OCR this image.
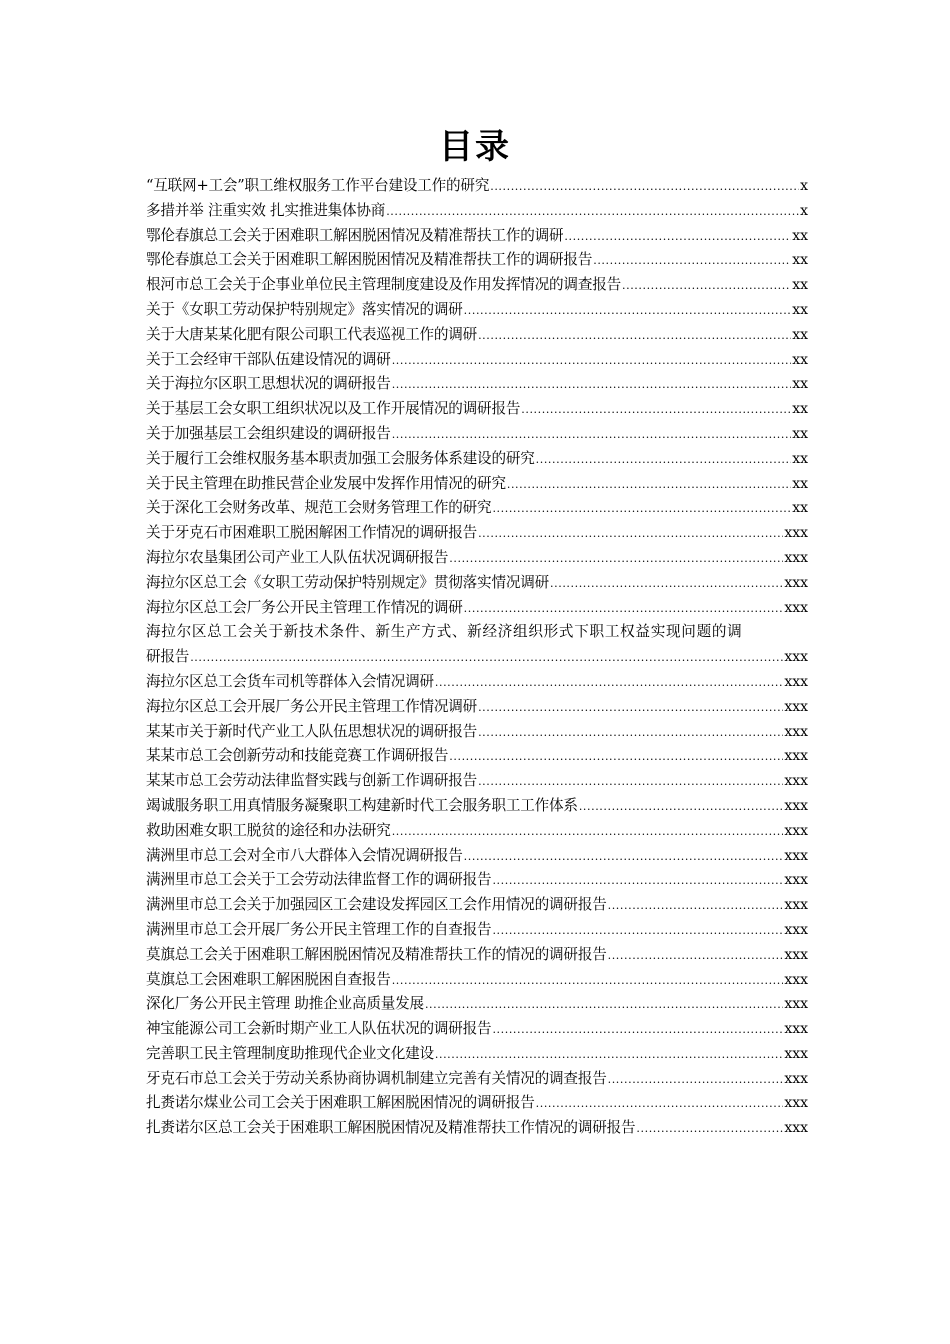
目录
“互联网+工会”职工维权服务工作平台建设工作的研究 .....	x
多措并举 注重实效 扎实推进集体协商 .....	x
鄂伦春旗总工会关于困难职工解困脱困情况及精准帮扶工作的调研 .....	xx
鄂伦春旗总工会关于困难职工解困脱困情况及精准帮扶工作的调研报告 .....	xx
根河市总工会关于企事业单位民主管理制度建设及作用发挥情况的调查报告 .....	xx
关于《女职工劳动保护特别规定》落实情况的调研 .....	xx
关于大唐某某化肥有限公司职工代表巡视工作的调研 .....	xx
关于工会经审干部队伍建设情况的调研 .....	xx
关于海拉尔区职工思想状况的调研报告 .....	xx
关于基层工会女职工组织状况以及工作开展情况的调研报告 .....	xx
关于加强基层工会组织建设的调研报告 .....	xx
关于履行工会维权服务基本职责加强工会服务体系建设的研究 .....	xx
关于民主管理在助推民营企业发展中发挥作用情况的研究 .....	xx
关于深化工会财务改革、规范工会财务管理工作的研究 .....	xx
关于牙克石市困难职工脱困解困工作情况的调研报告 .....	xxx
海拉尔农垦集团公司产业工人队伍状况调研报告 .....	xxx
海拉尔区总工会《女职工劳动保护特别规定》贯彻落实情况调研 .....	xxx
海拉尔区总工会厂务公开民主管理工作情况的调研 .....	xxx
海拉尔区总工会关于新技术条件、新生产方式、新经济组织形式下职工权益实现问题的调
研报告 .....	xxx
海拉尔区总工会货车司机等群体入会情况调研 .....	xxx
海拉尔区总工会开展厂务公开民主管理工作情况调研 .....	xxx
某某市关于新时代产业工人队伍思想状况的调研报告 .....	xxx
某某市总工会创新劳动和技能竞赛工作调研报告 .....	xxx
某某市总工会劳动法律监督实践与创新工作调研报告 .....	xxx
竭诚服务职工用真情服务凝聚职工构建新时代工会服务职工工作体系 .....	xxx
救助困难女职工脱贫的途径和办法研究 .....	xxx
满洲里市总工会对全市八大群体入会情况调研报告 .....	xxx
满洲里市总工会关于工会劳动法律监督工作的调研报告 .....	xxx
满洲里市总工会关于加强园区工会建设发挥园区工会作用情况的调研报告 .....	xxx
满洲里市总工会开展厂务公开民主管理工作的自查报告 .....	xxx
莫旗总工会关于困难职工解困脱困情况及精准帮扶工作的情况的调研报告 .....	xxx
莫旗总工会困难职工解困脱困自查报告 .....	xxx
深化厂务公开民主管理 助推企业高质量发展 .....	xxx
神宝能源公司工会新时期产业工人队伍状况的调研报告 .....	xxx
完善职工民主管理制度助推现代企业文化建设 .....	xxx
牙克石市总工会关于劳动关系协商协调机制建立完善有关情况的调查报告 .....	xxx
扎赉诺尔煤业公司工会关于困难职工解困脱困情况的调研报告 .....	xxx
扎赉诺尔区总工会关于困难职工解困脱困情况及精准帮扶工作情况的调研报告 .....	xxx
